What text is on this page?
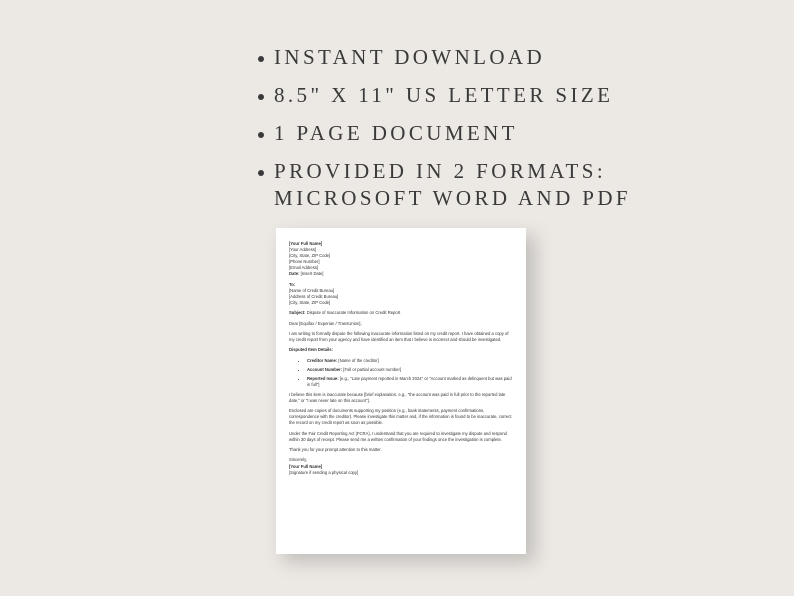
INSTANT DOWNLOAD
8.5" X 11" US LETTER SIZE
1 PAGE DOCUMENT
PROVIDED IN 2 FORMATS:
MICROSOFT WORD AND PDF

[Your Full Name]
[Your Address]
[City, State, ZIP Code]
[Phone Number]
[Email Address]
Date: [Insert Date]

To:
[Name of Credit Bureau]
[Address of Credit Bureau]
[City, State, ZIP Code]

Subject: Dispute of Inaccurate Information on Credit Report

Dear [Equifax / Experian / TransUnion],

I am writing to formally dispute the following inaccurate information listed on my credit report. I have obtained a copy of my credit report from your agency and have identified an item that I believe is incorrect and should be investigated.

Disputed Item Details:

• Creditor Name: [Name of the creditor]
• Account Number: [Full or partial account number]
• Reported Issue: [e.g., "Late payment reported in March 2024" or "Account marked as delinquent but was paid in full"]

I believe this item is inaccurate because [brief explanation, e.g., "the account was paid in full prior to the reported late date," or "I was never late on this account"].

Enclosed are copies of documents supporting my position (e.g., bank statements, payment confirmations, correspondence with the creditor). Please investigate this matter and, if the information is found to be inaccurate, correct the record on my credit report as soon as possible.

Under the Fair Credit Reporting Act (FCRA), I understand that you are required to investigate my dispute and respond within 30 days of receipt. Please send me a written confirmation of your findings once the investigation is complete.

Thank you for your prompt attention to this matter.

Sincerely,
[Your Full Name]
[Signature if sending a physical copy]
